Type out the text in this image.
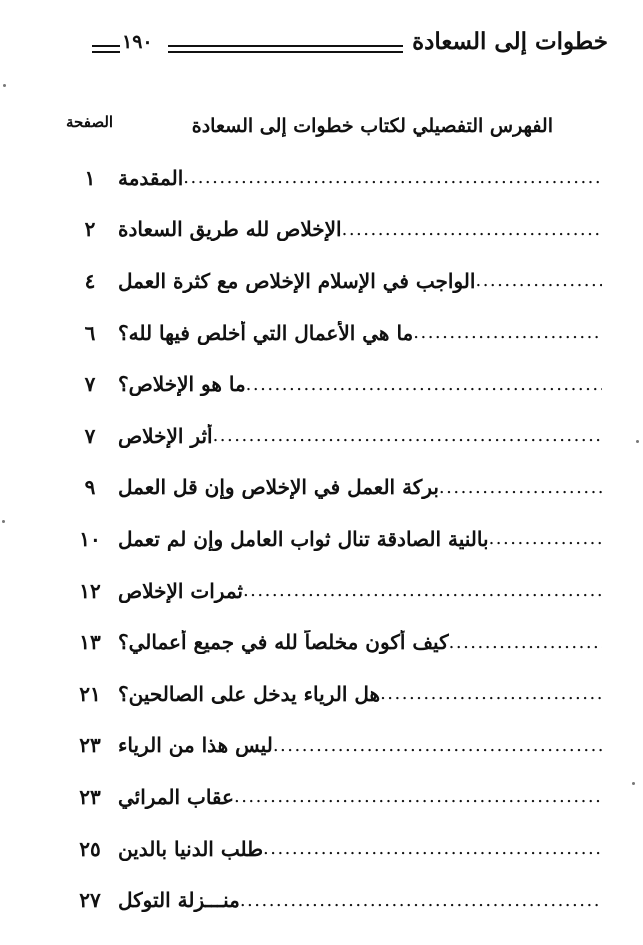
خطوات إلى السعادة
١٩٠
الفهرس التفصيلي لكتاب خطوات إلى السعادة
الصفحة
١	المقدمة
.....
٢	الإخلاص لله طريق السعادة
.....
٤	الواجب في الإسلام الإخلاص مع كثرة العمل
.....
٦	ما هي الأعمال التي أخلص فيها لله؟
.....
٧	ما هو الإخلاص؟
.....
٧	أثر الإخلاص
.....
٩	بركة العمل في الإخلاص وإن قل العمل
.....
١٠ بالنية الصادقة تنال ثواب العامل وإن لم تعمل
.....
١٢ ثمرات الإخلاص
.....
١٣ كيف أكون مخلصاً لله في جميع أعمالي؟
.....
٢١ هل الرياء يدخل على الصالحين؟
.....
٢٣ ليس هذا من الرياء
.....
٢٣ عقاب المرائي
.....
٢٥ طلب الدنيا بالدين
.....
٢٧ منـــزلة التوكل
.....
